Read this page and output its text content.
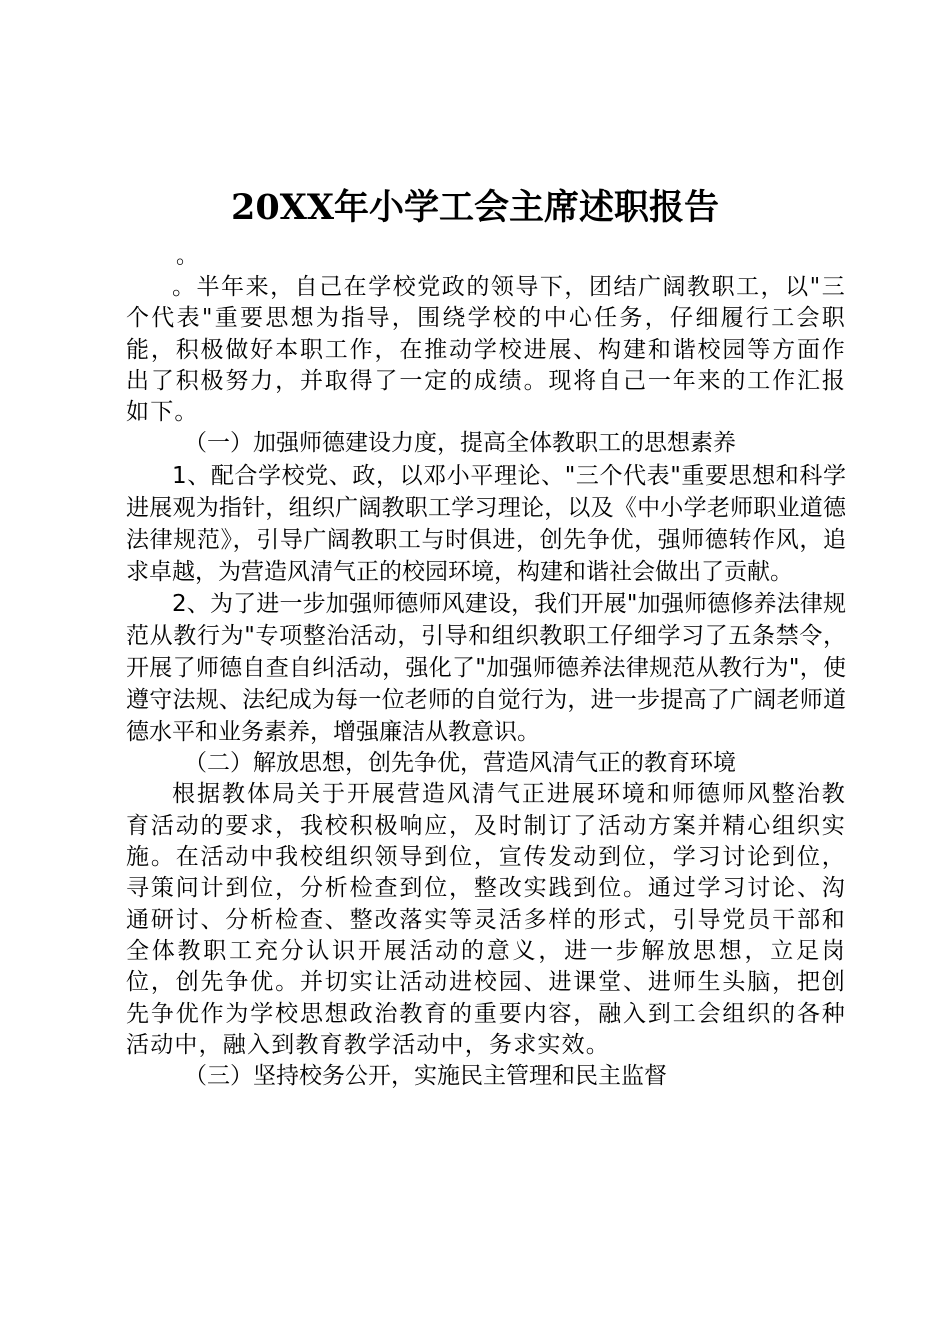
20XX年小学工会主席述职报告
。

。半年来，自己在学校党政的领导下，团结广阔教职工，以"三个代表"重要思想为指导，围绕学校的中心任务，仔细履行工会职能，积极做好本职工作，在推动学校进展、构建和谐校园等方面作出了积极努力，并取得了一定的成绩。现将自己一年来的工作汇报如下。

（一）加强师德建设力度，提高全体教职工的思想素养

1、配合学校党、政，以邓小平理论、"三个代表"重要思想和科学进展观为指针，组织广阔教职工学习理论，以及《中小学老师职业道德法律规范》，引导广阔教职工与时俱进，创先争优，强师德转作风，追求卓越，为营造风清气正的校园环境，构建和谐社会做出了贡献。

2、为了进一步加强师德师风建设，我们开展"加强师德修养法律规范从教行为"专项整治活动，引导和组织教职工仔细学习了五条禁令，开展了师德自查自纠活动，强化了"加强师德养法律规范从教行为"，使遵守法规、法纪成为每一位老师的自觉行为，进一步提高了广阔老师道德水平和业务素养，增强廉洁从教意识。

（二）解放思想，创先争优，营造风清气正的教育环境

根据教体局关于开展营造风清气正进展环境和师德师风整治教育活动的要求，我校积极响应，及时制订了活动方案并精心组织实施。在活动中我校组织领导到位，宣传发动到位，学习讨论到位，寻策问计到位，分析检查到位，整改实践到位。通过学习讨论、沟通研讨、分析检查、整改落实等灵活多样的形式，引导党员干部和全体教职工充分认识开展活动的意义，进一步解放思想，立足岗位，创先争优。并切实让活动进校园、进课堂、进师生头脑，把创先争优作为学校思想政治教育的重要内容，融入到工会组织的各种活动中，融入到教育教学活动中，务求实效。

（三）坚持校务公开，实施民主管理和民主监督
